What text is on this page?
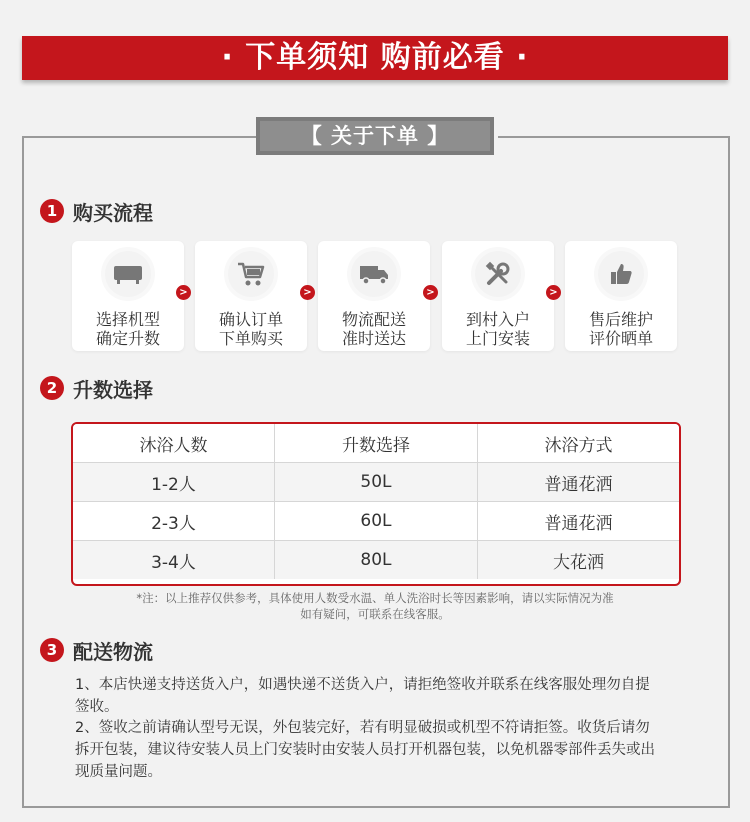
· 下单须知 购前必看 ·
【 关于下单 】
1 购买流程
选择机型
确定升数
>
确认订单
下单购买
>
物流配送
准时送达
>
到村入户
上门安装
>
售后维护
评价晒单
2 升数选择
沐浴人数	升数选择	沐浴方式
1-2人	50L	普通花洒
2-3人	60L	普通花洒
3-4人	80L	大花洒
*注：以上推荐仅供参考，具体使用人数受水温、单人洗浴时长等因素影响，请以实际情况为准
如有疑问，可联系在线客服。
3 配送物流
1、本店快递支持送货入户，如遇快递不送货入户，请拒绝签收并联系在线客服处理勿自提签收。
2、签收之前请确认型号无误，外包装完好，若有明显破损或机型不符请拒签。收货后请勿拆开包装，建议待安装人员上门安装时由安装人员打开机器包装，以免机器零部件丢失或出现质量问题。
